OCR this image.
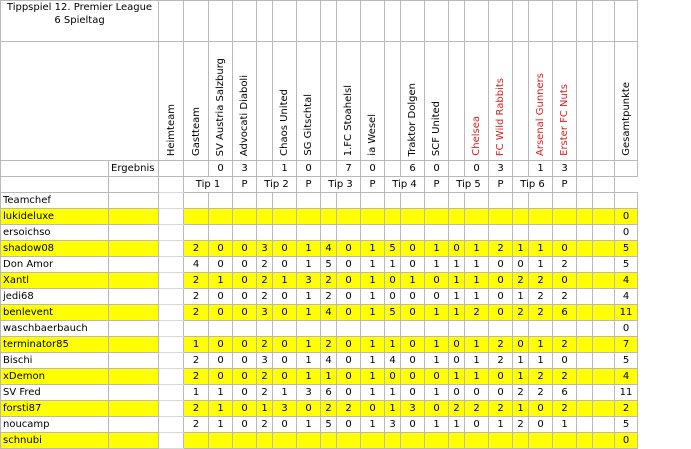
Tippspiel 12. Premier League
6 Spieltag																							

		Heimteam	Gastteam	SV Austria Salzburg	Advocati Diaboli		Chaos United	SG Gitschtal		1.FC Stoahelsl	ia Wesel		Traktor Dolgen	SCF United		Chelsea	FC Wild Rabbits		Arsenal Gunners	Erster FC Nuts			Gesamtpunkte

	Ergebnis			0	3		1	0		7	0		6	0		0	3		1	3			
			Tip 1		P	Tip 2		P	Tip 3		P	Tip 4		P	Tip 5		P	Tip 6		P			
Teamchef																							
lukideluxe																							0
ersoichso																							0
shadow08			2	0	0	3	0	1	4	0	1	5	0	1	0	1	2	1	1	0			5
Don Amor			4	0	0	2	0	1	5	0	1	1	0	1	1	1	0	0	1	2			5
Xantl			2	1	0	2	1	3	2	0	1	0	1	0	1	1	0	2	2	0			4
jedi68			2	0	0	2	0	1	2	0	1	0	0	0	1	1	0	1	2	2			4
benlevent			2	0	0	3	0	1	4	0	1	5	0	1	1	2	0	2	2	6			11
waschbaerbauch																							0
terminator85			1	0	0	2	0	1	2	0	1	1	0	1	0	1	2	0	1	2			7
Bischi			2	0	0	3	0	1	4	0	1	4	0	1	0	1	2	1	1	0			5
xDemon			2	0	0	2	0	1	1	0	1	0	0	0	1	1	0	1	2	2			4
SV Fred			1	1	0	2	1	3	6	0	1	1	0	1	0	0	0	2	2	6			11
forsti87			2	1	0	1	3	0	2	2	0	1	3	0	2	2	2	1	0	2			2
noucamp			2	1	0	2	0	1	5	0	1	3	0	1	1	0	1	2	0	1			5
schnubi																							0
